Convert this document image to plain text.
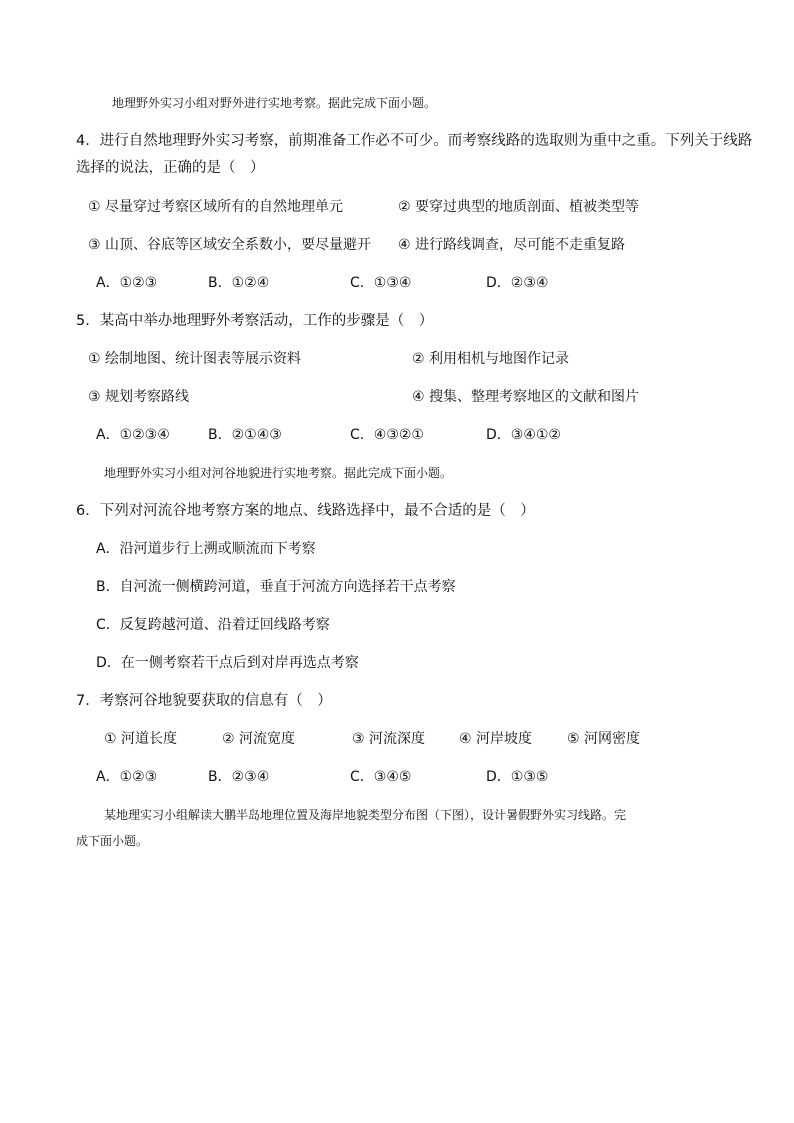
地理野外实习小组对野外进行实地考察。据此完成下面小题。
4．进行自然地理野外实习考察，前期准备工作必不可少。而考察线路的选取则为重中之重。下列关于线路
选择的说法，正确的是（　）
① 尽量穿过考察区域所有的自然地理单元	② 要穿过典型的地质剖面、植被类型等
③ 山顶、谷底等区域安全系数小，要尽量避开 ④ 进行路线调查，尽可能不走重复路
A．①②③	B．①②④	C．①③④	D．②③④
5．某高中举办地理野外考察活动，工作的步骤是（　）
① 绘制地图、统计图表等展示资料	② 利用相机与地图作记录
③ 规划考察路线	④ 搜集、整理考察地区的文献和图片
A．①②③④	B．②①④③	C．④③②①	D．③④①②
地理野外实习小组对河谷地貌进行实地考察。据此完成下面小题。
6．下列对河流谷地考察方案的地点、线路选择中，最不合适的是（　）
A．沿河道步行上溯或顺流而下考察
B．自河流一侧横跨河道，垂直于河流方向选择若干点考察
C．反复跨越河道、沿着迂回线路考察
D．在一侧考察若干点后到对岸再选点考察
7．考察河谷地貌要获取的信息有（　）
① 河道长度	② 河流宽度	③ 河流深度 ④ 河岸坡度 ⑤ 河网密度
A．①②③	B．②③④	C．③④⑤	D．①③⑤
某地理实习小组解读大鹏半岛地理位置及海岸地貌类型分布图（下图），设计暑假野外实习线路。完
成下面小题。
